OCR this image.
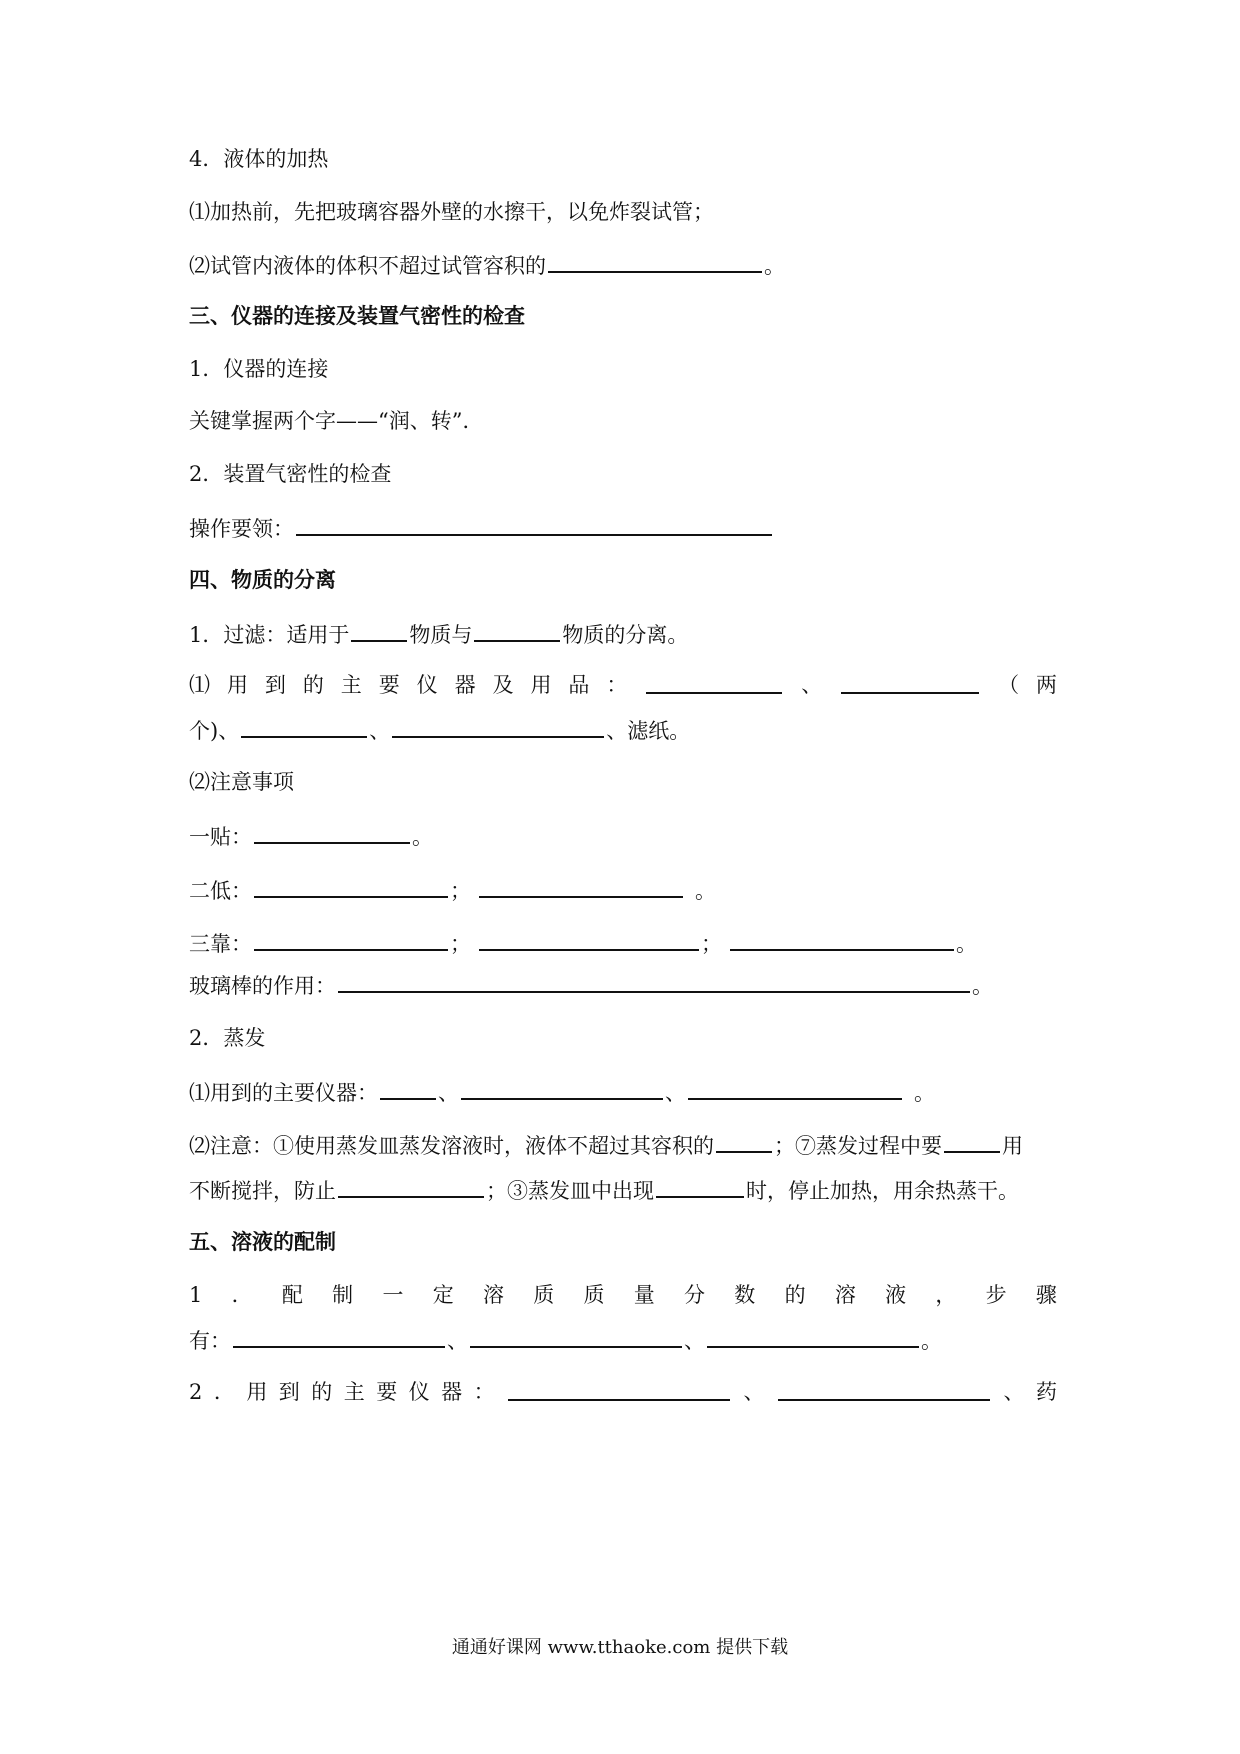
4．液体的加热
⑴加热前，先把玻璃容器外壁的水擦干，以免炸裂试管；
⑵试管内液体的体积不超过试管容积的	。
三、仪器的连接及装置气密性的检查
1．仪器的连接
关键掌握两个字——“润、转”．
2．装置气密性的检查
操作要领：
四、物质的分离
1．过滤：适用于	物质与	物质的分离。
⑴ 用 到 的 主 要 仪 器 及 用 品 ：	、	（ 两
个)、	、	、滤纸。
⑵注意事项
一贴：	。
二低：	；	。
三靠：	；	；	。
玻璃棒的作用：	。
2．蒸发
⑴用到的主要仪器：	、	、	。
⑵注意：①使用蒸发皿蒸发溶液时，液体不超过其容积的	；⑦蒸发过程中要	用
不断搅拌，防止	；③蒸发皿中出现	时，停止加热，用余热蒸干。
五、溶液的配制
1 ． 配 制 一 定 溶 质 质 量 分 数 的 溶 液 ， 步 骤
有：	、	、	。
2 ． 用 到 的 主 要 仪 器 ：	、	、 药
通通好课网 www.tthaoke.com 提供下载
